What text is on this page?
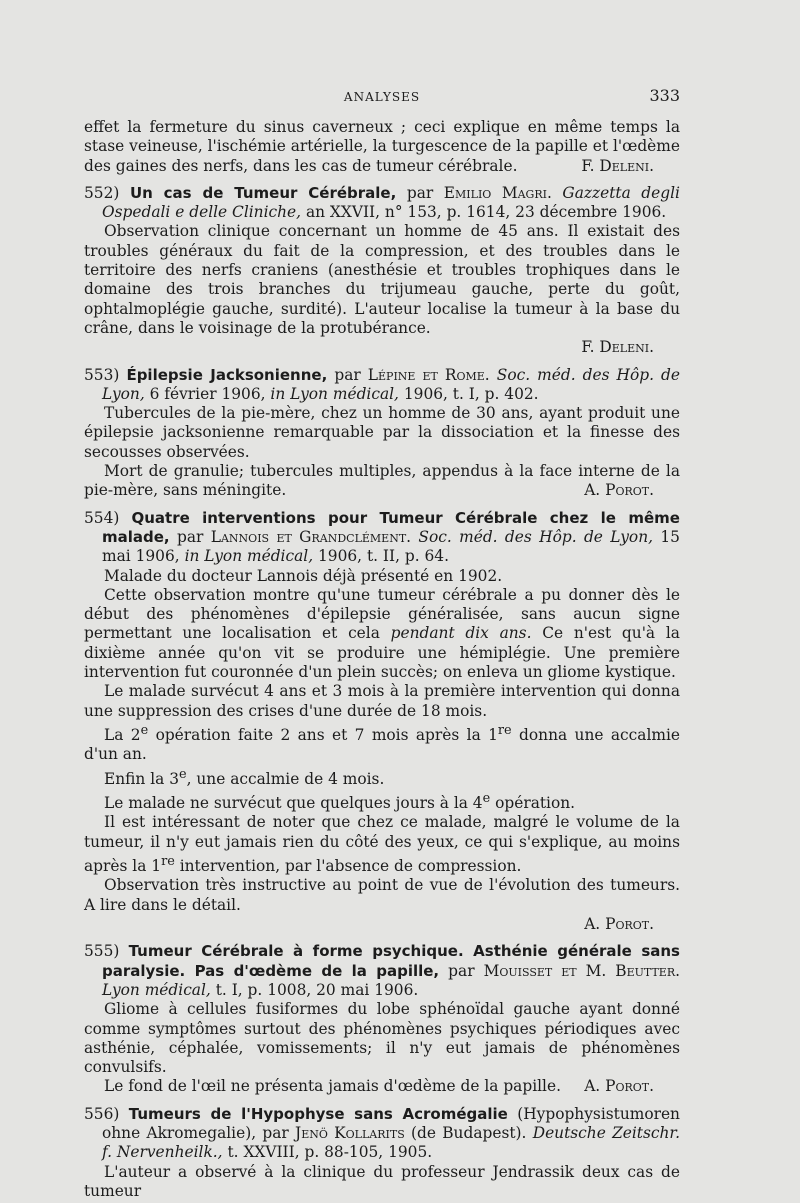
ANALYSES	333

effet la fermeture du sinus caverneux ; ceci explique en même temps la stase veineuse, l'ischémie artérielle, la turgescence de la papille et l'œdème des gaines des nerfs, dans les cas de tumeur cérébrale.	F. Deleni.

552) Un cas de Tumeur Cérébrale, par Emilio Magri. Gazzetta degli Ospedali e delle Cliniche, an XXVII, n° 153, p. 1614, 23 décembre 1906.

Observation clinique concernant un homme de 45 ans. Il existait des troubles généraux du fait de la compression, et des troubles dans le territoire des nerfs craniens (anesthésie et troubles trophiques dans le domaine des trois branches du trijumeau gauche, perte du goût, ophtalmoplégie gauche, surdité). L'auteur localise la tumeur à la base du crâne, dans le voisinage de la protubérance.

F. Deleni.

553) Épilepsie Jacksonienne, par Lépine et Rome. Soc. méd. des Hôp. de Lyon, 6 février 1906, in Lyon médical, 1906, t. I, p. 402.

Tubercules de la pie-mère, chez un homme de 30 ans, ayant produit une épilepsie jacksonienne remarquable par la dissociation et la finesse des secousses observées.

Mort de granulie; tubercules multiples, appendus à la face interne de la pie-mère, sans méningite.	A. Porot.

554) Quatre interventions pour Tumeur Cérébrale chez le même malade, par Lannois et Grandclément. Soc. méd. des Hôp. de Lyon, 15 mai 1906, in Lyon médical, 1906, t. II, p. 64.

Malade du docteur Lannois déjà présenté en 1902.

Cette observation montre qu'une tumeur cérébrale a pu donner dès le début des phénomènes d'épilepsie généralisée, sans aucun signe permettant une localisation et cela pendant dix ans. Ce n'est qu'à la dixième année qu'on vit se produire une hémiplégie. Une première intervention fut couronnée d'un plein succès; on enleva un gliome kystique.

Le malade survécut 4 ans et 3 mois à la première intervention qui donna une suppression des crises d'une durée de 18 mois.

La 2e opération faite 2 ans et 7 mois après la 1re donna une accalmie d'un an.

Enfin la 3e, une accalmie de 4 mois.

Le malade ne survécut que quelques jours à la 4e opération.

Il est intéressant de noter que chez ce malade, malgré le volume de la tumeur, il n'y eut jamais rien du côté des yeux, ce qui s'explique, au moins après la 1re intervention, par l'absence de compression.

Observation très instructive au point de vue de l'évolution des tumeurs. A lire dans le détail.

A. Porot.

555) Tumeur Cérébrale à forme psychique. Asthénie générale sans paralysie. Pas d'œdème de la papille, par Mouisset et M. Beutter. Lyon médical, t. I, p. 1008, 20 mai 1906.

Gliome à cellules fusiformes du lobe sphénoïdal gauche ayant donné comme symptômes surtout des phénomènes psychiques périodiques avec asthénie, céphalée, vomissements; il n'y eut jamais de phénomènes convulsifs.

Le fond de l'œil ne présenta jamais d'œdème de la papille.	A. Porot.

556) Tumeurs de l'Hypophyse sans Acromégalie (Hypophysistumoren ohne Akromegalie), par Jenö Kollarits (de Budapest). Deutsche Zeitschr. f. Nervenheilk., t. XXVIII, p. 88-105, 1905.

L'auteur a observé à la clinique du professeur Jendrassik deux cas de tumeur
